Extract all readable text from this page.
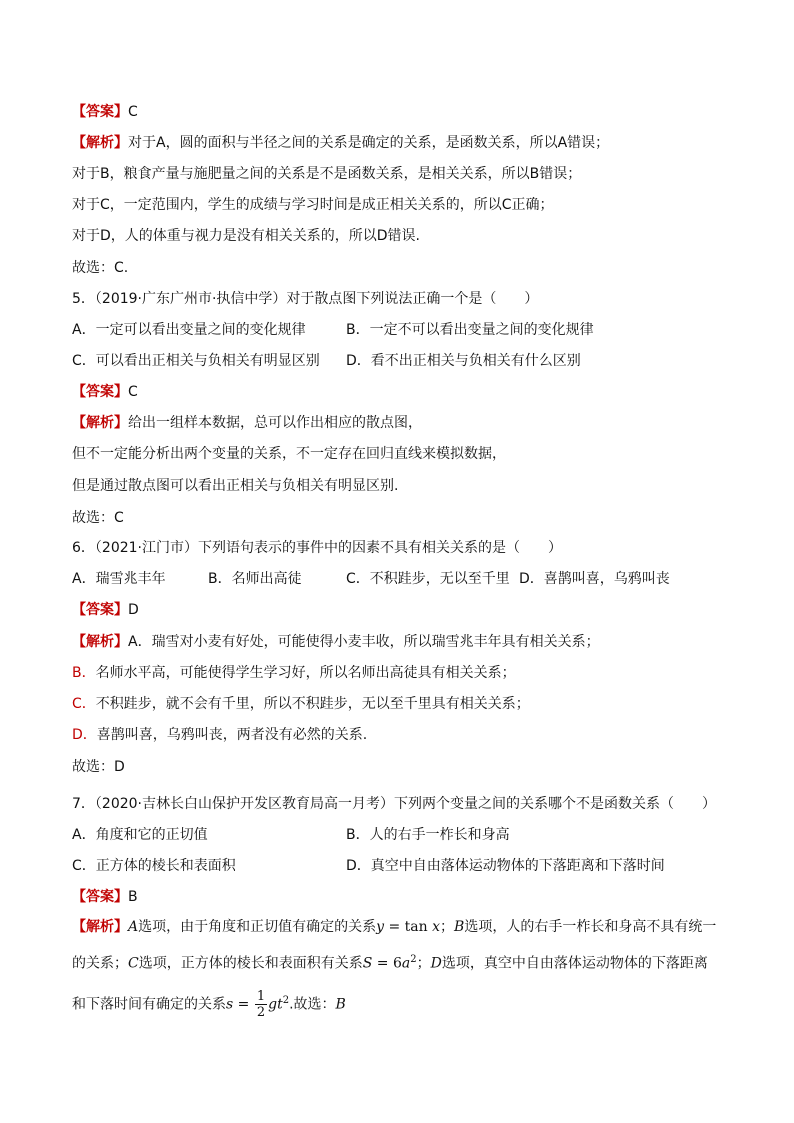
【答案】C
【解析】对于A，圆的面积与半径之间的关系是确定的关系，是函数关系，所以A错误；
对于B，粮食产量与施肥量之间的关系是不是函数关系，是相关关系，所以B错误；
对于C，一定范围内，学生的成绩与学习时间是成正相关关系的，所以C正确；
对于D，人的体重与视力是没有相关关系的，所以D错误.
故选：C.
5．（2019·广东广州市·执信中学）对于散点图下列说法正确一个是（　　）
A．一定可以看出变量之间的变化规律	B．一定不可以看出变量之间的变化规律
C．可以看出正相关与负相关有明显区别 D．看不出正相关与负相关有什么区别
【答案】C
【解析】给出一组样本数据，总可以作出相应的散点图，
但不一定能分析出两个变量的关系，不一定存在回归直线来模拟数据，
但是通过散点图可以看出正相关与负相关有明显区别.
故选：C
6．（2021·江门市）下列语句表示的事件中的因素不具有相关关系的是（　　）
A．瑞雪兆丰年	B．名师出高徒	C．不积跬步，无以至千里 D．喜鹊叫喜，乌鸦叫丧
【答案】D
【解析】A．瑞雪对小麦有好处，可能使得小麦丰收，所以瑞雪兆丰年具有相关关系；
B．名师水平高，可能使得学生学习好，所以名师出高徒具有相关关系；
C．不积跬步，就不会有千里，所以不积跬步，无以至千里具有相关关系；
D．喜鹊叫喜，乌鸦叫丧，两者没有必然的关系.
故选：D
7．（2020·吉林长白山保护开发区教育局高一月考）下列两个变量之间的关系哪个不是函数关系（　　）
A．角度和它的正切值	B．人的右手一柞长和身高
C．正方体的棱长和表面积	D．真空中自由落体运动物体的下落距离和下落时间
【答案】B
【解析】A选项，由于角度和正切值有确定的关系y = tan x；B选项，人的右手一柞长和身高不具有统一
的关系；C选项，正方体的棱长和表面积有关系$S = 6a^2$；D选项，真空中自由落体运动物体的下落距离
和下落时间有确定的关系$s = \frac{1}{2} gt^2$.故选：B
